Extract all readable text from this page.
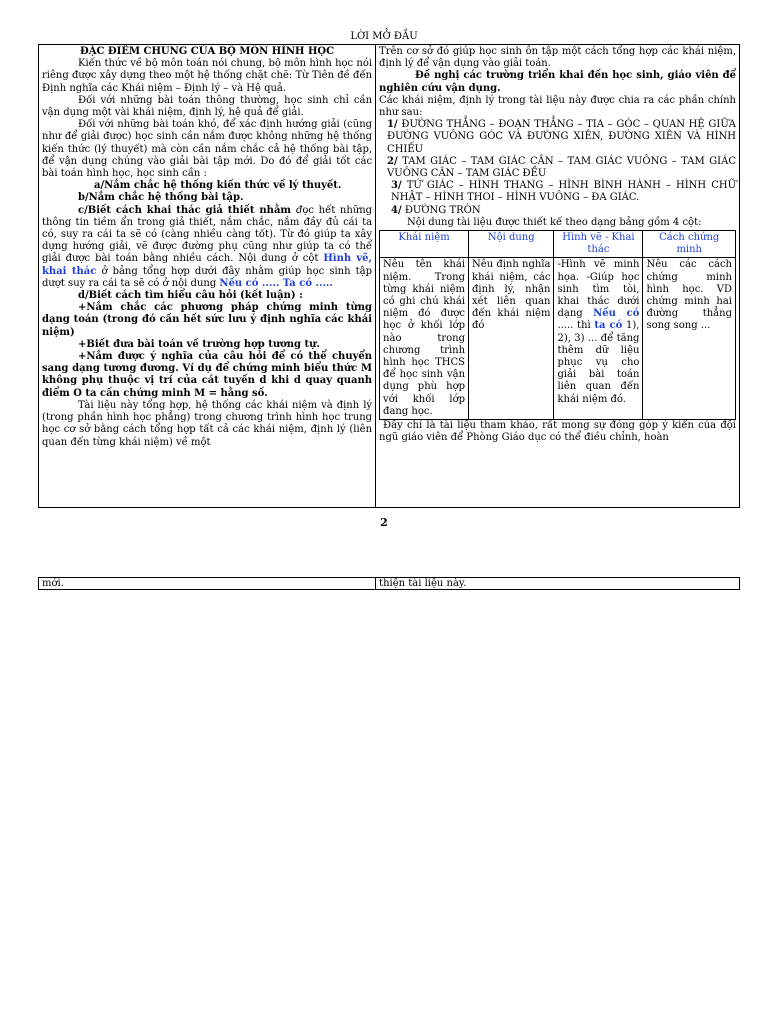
LỜI MỞ ĐẦU

ĐẶC ĐIỂM CHUNG CỦA BỘ MÔN HÌNH HỌC

Kiến thức về bộ môn toán nói chung, bộ môn hình học nói riêng được xây dựng theo một hệ thống chặt chẽ: Từ Tiên đề đến Định nghĩa các Khái niệm – Định lý – và Hệ quả.

Đối với những bài toán thông thường, học sinh chỉ cần vận dụng một vài khái niệm, định lý, hệ quả để giải.

Đối với những bài toán khó, để xác định hướng giải (cũng như để giải được) học sinh cần nắm được không những hệ thống kiến thức (lý thuyết) mà còn cần nắm chắc cả hệ thống bài tập, để vận dụng chúng vào giải bài tập mới. Do đó để giải tốt các bài toán hình học, học sinh cần :

a/Nắm chắc hệ thống kiến thức về lý thuyết.

b/Nắm chắc hệ thống bài tập.

c/Biết cách khai thác giả thiết nhằm đọc hết những thông tin tiềm ẩn trong giả thiết, nắm chắc, nắm đầy đủ cái ta có, suy ra cái ta sẽ có (càng nhiều càng tốt). Từ đó giúp ta xây dựng hướng giải, vẽ được đường phụ cũng như giúp ta có thể giải được bài toán bằng nhiều cách. Nội dung ở cột Hình vẽ, khai thác ở bảng tổng hợp dưới đây nhằm giúp học sinh tập dượt suy ra cái ta sẽ có ở nội dung Nếu có ..... Ta có .....

d/Biết cách tìm hiểu câu hỏi (kết luận) :

+Nắm chắc các phương pháp chứng minh từng dạng toán (trong đó cần hết sức lưu ý định nghĩa các khái niệm)

+Biết đưa bài toán về trường hợp tương tự.

+Nắm được ý nghĩa của câu hỏi để có thể chuyển sang dạng tương đương. Ví dụ để chứng minh biểu thức M không phụ thuộc vị trí của cát tuyến d khi d quay quanh điểm O ta cần chứng minh M = hằng số.

Tài liệu này tổng hợp, hệ thống các khái niệm và định lý (trong phần hình học phẳng) trong chương trình hình học trung học cơ sở bằng cách tổng hợp tất cả các khái niệm, định lý (liên quan đến từng khái niệm) về một

Trên cơ sở đó giúp học sinh ôn tập một cách tổng hợp các khái niệm, định lý để vận dụng vào giải toán.

Đề nghị các trường triển khai đến học sinh, giáo viên để nghiên cứu vận dụng.

Các khái niệm, định lý trong tài liệu này được chia ra các phần chính như sau:

1/ ĐƯỜNG THẲNG – ĐOẠN THẲNG – TIA – GÓC – QUAN HỆ GIỮA ĐƯỜNG VUÔNG GÓC VÀ ĐƯỜNG XIÊN, ĐƯỜNG XIÊN VÀ HÌNH CHIẾU

2/ TAM GIÁC – TAM GIÁC CÂN – TAM GIÁC VUÔNG – TAM GIÁC VUÔNG CÂN – TAM GIÁC ĐỀU

3/ TỨ GIÁC – HÌNH THANG – HÌNH BÌNH HÀNH – HÌNH CHỮ NHẬT – HÌNH THOI – HÌNH VUÔNG – ĐA GIÁC.

4/ ĐƯỜNG TRÒN

Nội dung tài liệu được thiết kế theo dạng bảng gồm 4 cột:

Khái niệm	Nội dung	Hình vẽ - Khai thác	Cách chứng minh
Nêu tên khái niệm. Trong từng khái niệm có ghi chú khái niệm đó được học ở khối lớp nào trong chương trình hình học THCS để học sinh vận dụng phù hợp với khối lớp đang học.	Nêu định nghĩa khái niệm, các định lý, nhận xét liên quan đến khái niệm đó	-Hình vẽ minh họa. -Giúp học sinh tìm tòi, khai thác dưới dạng Nếu có ..... thì ta có 1), 2), 3) ... để tăng thêm dữ liệu phục vụ cho giải bài toán liên quan đến khái niệm đó.	Nêu các cách chứng minh hình học. VD chứng minh hai đường thẳng song song ...

Đây chỉ là tài liệu tham khảo, rất mong sự đóng góp ý kiến của đội ngũ giáo viên để Phòng Giáo dục có thể điều chỉnh, hoàn

2
mới.	thiện tài liệu này.
